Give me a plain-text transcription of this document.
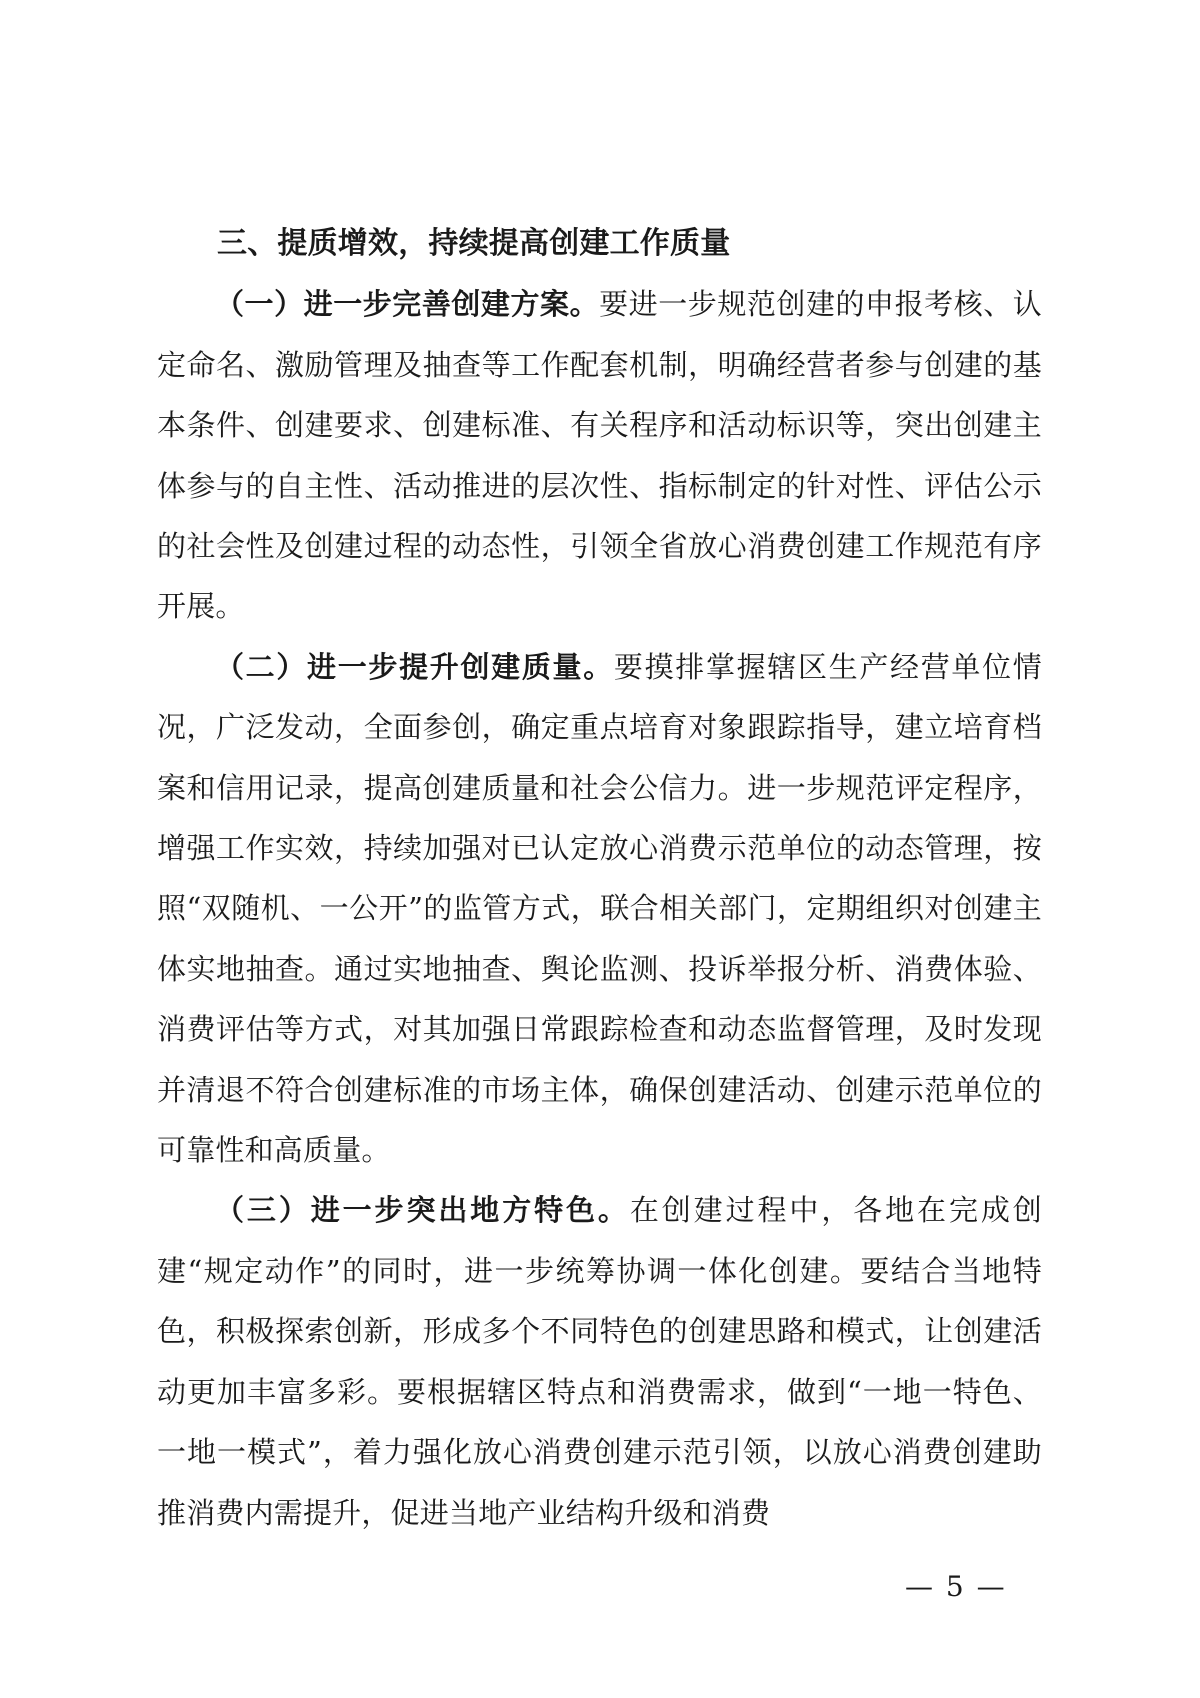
三、提质增效，持续提高创建工作质量

（一）进一步完善创建方案。要进一步规范创建的申报考核、认定命名、激励管理及抽查等工作配套机制，明确经营者参与创建的基本条件、创建要求、创建标准、有关程序和活动标识等，突出创建主体参与的自主性、活动推进的层次性、指标制定的针对性、评估公示的社会性及创建过程的动态性，引领全省放心消费创建工作规范有序开展。

（二）进一步提升创建质量。要摸排掌握辖区生产经营单位情况，广泛发动，全面参创，确定重点培育对象跟踪指导，建立培育档案和信用记录，提高创建质量和社会公信力。进一步规范评定程序，增强工作实效，持续加强对已认定放心消费示范单位的动态管理，按照“双随机、一公开”的监管方式，联合相关部门，定期组织对创建主体实地抽查。通过实地抽查、舆论监测、投诉举报分析、消费体验、消费评估等方式，对其加强日常跟踪检查和动态监督管理，及时发现并清退不符合创建标准的市场主体，确保创建活动、创建示范单位的可靠性和高质量。

（三）进一步突出地方特色。在创建过程中，各地在完成创建“规定动作”的同时，进一步统筹协调一体化创建。要结合当地特色，积极探索创新，形成多个不同特色的创建思路和模式，让创建活动更加丰富多彩。要根据辖区特点和消费需求，做到“一地一特色、一地一模式”，着力强化放心消费创建示范引领，以放心消费创建助推消费内需提升，促进当地产业结构升级和消费

— 5 —
